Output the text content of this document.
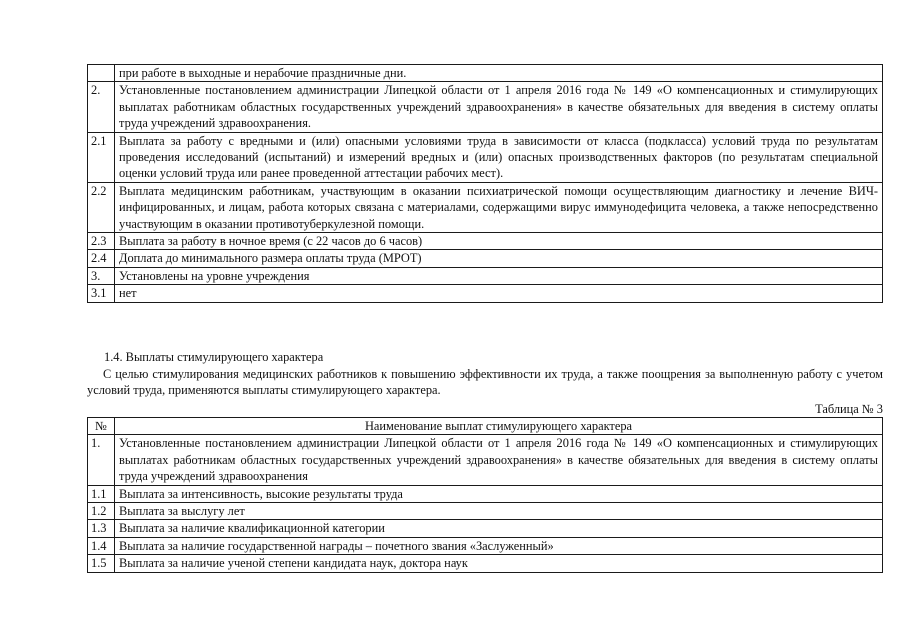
	при работе в выходные и нерабочие праздничные дни.
2.	Установленные постановлением администрации Липецкой области от 1 апреля 2016 года № 149 «О компенсационных и стимулирующих выплатах работникам областных государственных учреждений здравоохранения» в качестве обязательных для введения в систему оплаты труда учреждений здравоохранения.
2.1	Выплата за работу с вредными и (или) опасными условиями труда в зависимости от класса (подкласса) условий труда по результатам проведения исследований (испытаний) и измерений вредных и (или) опасных производственных факторов (по результатам специальной оценки условий труда или ранее проведенной аттестации рабочих мест).
2.2	Выплата медицинским работникам, участвующим в оказании психиатрической помощи осуществляющим диагностику и лечение ВИЧ-инфицированных, и лицам, работа которых связана с материалами, содержащими вирус иммунодефицита человека, а также непосредственно участвующим в оказании противотуберкулезной помощи.
2.3	Выплата за работу в ночное время (с 22 часов до 6 часов)
2.4	Доплата до минимального размера оплаты труда (МРОТ)
3.	Установлены на уровне учреждения
3.1	нет
1.4. Выплаты стимулирующего характера
С целью стимулирования медицинских работников к повышению эффективности их труда, а также поощрения за выполненную работу с учетом условий труда, применяются выплаты стимулирующего характера.
Таблица № 3
№	Наименование выплат стимулирующего характера
1.	Установленные постановлением администрации Липецкой области от 1 апреля 2016 года № 149 «О компенсационных и стимулирующих выплатах работникам областных государственных учреждений здравоохранения» в качестве обязательных для введения в систему оплаты труда учреждений здравоохранения
1.1	Выплата за интенсивность, высокие результаты труда
1.2	Выплата за выслугу лет
1.3	Выплата за наличие квалификационной категории
1.4	Выплата за наличие государственной награды – почетного звания «Заслуженный»
1.5	Выплата за наличие ученой степени кандидата наук, доктора наук
